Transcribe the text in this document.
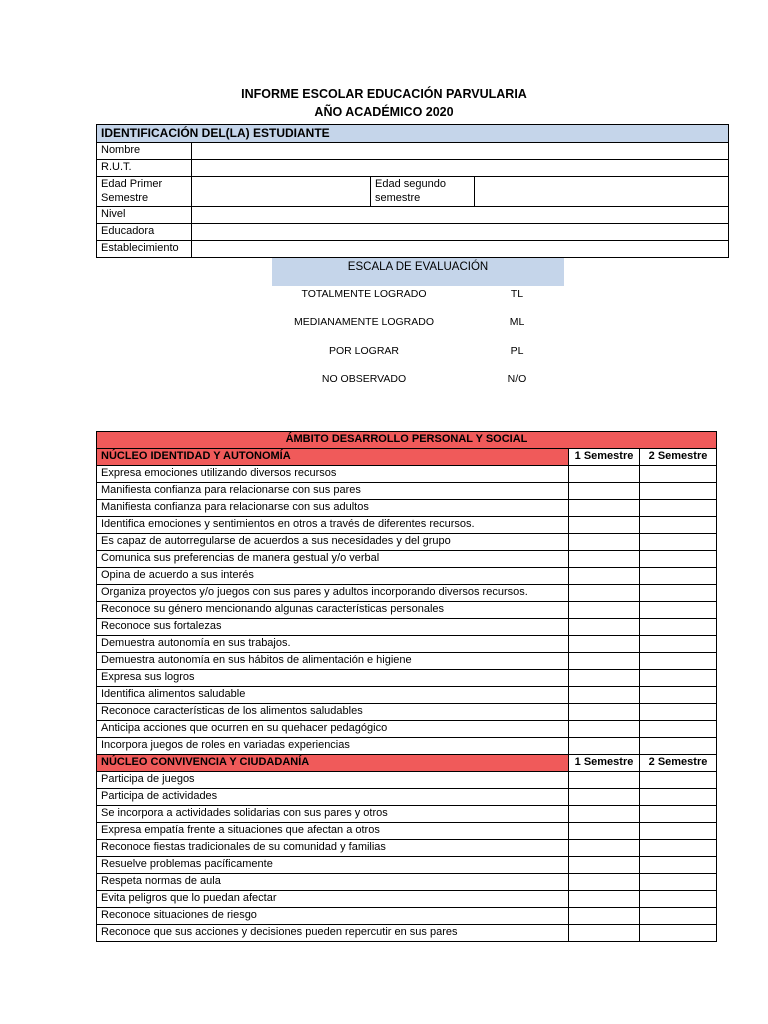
INFORME ESCOLAR EDUCACIÓN PARVULARIA
AÑO ACADÉMICO 2020
IDENTIFICACIÓN DEL(LA) ESTUDIANTE			
Nombre			
R.U.T.			
Edad Primer Semestre		Edad segundo semestre	
Nivel			
Educadora			
Establecimiento			
ESCALA DE EVALUACIÓN
TOTALMENTE LOGRADO	TL
MEDIANAMENTE LOGRADO	ML
POR LOGRAR	PL
NO OBSERVADO	N/O
ÁMBITO DESARROLLO PERSONAL Y SOCIAL		
NÚCLEO IDENTIDAD Y AUTONOMÍA	1 Semestre	2 Semestre
Expresa emociones utilizando diversos recursos		
Manifiesta confianza para relacionarse con sus pares		
Manifiesta confianza para relacionarse con sus adultos		
Identifica emociones y sentimientos en otros a través de diferentes recursos.		
Es capaz de autorregularse de acuerdos a sus necesidades y del grupo		
Comunica sus preferencias de manera gestual y/o verbal		
Opina de acuerdo a sus interés		
Organiza proyectos y/o juegos con sus pares y adultos incorporando diversos recursos.		
Reconoce su género mencionando algunas características personales		
Reconoce sus fortalezas		
Demuestra autonomía en sus trabajos.		
Demuestra autonomía en sus hábitos de alimentación e higiene		
Expresa sus logros		
Identifica alimentos saludable		
Reconoce características de los alimentos saludables		
Anticipa acciones que ocurren en su quehacer pedagógico		
Incorpora juegos de roles en variadas experiencias		
NÚCLEO CONVIVENCIA Y CIUDADANÍA	1 Semestre	2 Semestre
Participa de juegos		
Participa de actividades		
Se incorpora a actividades solidarias con sus pares y otros		
Expresa empatía frente a situaciones que afectan a otros		
Reconoce fiestas tradicionales de su comunidad y familias		
Resuelve problemas pacíficamente		
Respeta normas de aula		
Evita peligros que lo puedan afectar		
Reconoce situaciones de riesgo		
Reconoce que sus acciones y decisiones pueden repercutir en sus pares		
